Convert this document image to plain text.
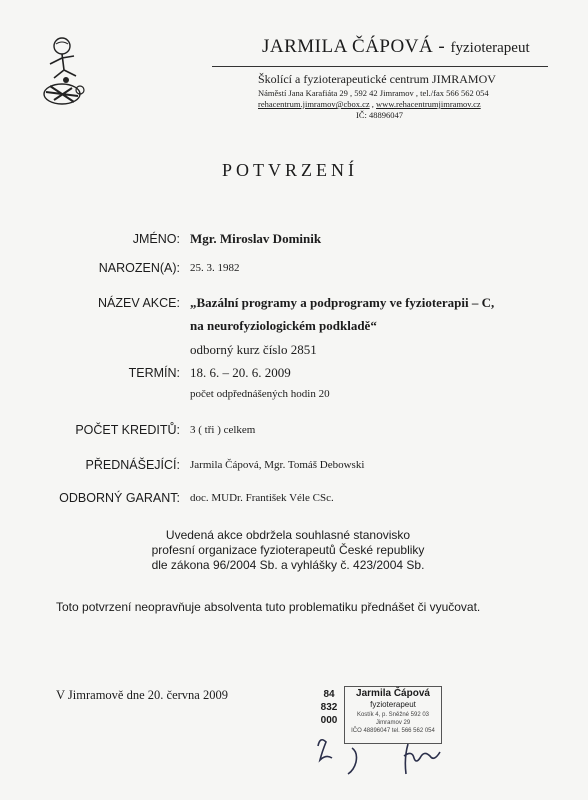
JARMILA ČÁPOVÁ - fyzioterapeut
Školící a fyzioterapeutické centrum JIMRAMOV
Náměstí Jana Karafiáta 29 , 592 42 Jimramov , tel./fax 566 562 054
rehacentrum.jimramov@cbox.cz , www.rehacentrumjimramov.cz
IČ: 48896047
POTVRZENÍ
JMÉNO: Mgr. Miroslav Dominik
NAROZEN(A): 25. 3. 1982
NÁZEV AKCE: „Bazální programy a podprogramy ve fyzioterapii – C,
na neurofyziologickém podkladě“
odborný kurz číslo 2851
TERMÍN: 18. 6. – 20. 6. 2009
počet odpřednášených hodin 20
POČET KREDITŮ: 3 ( tři ) celkem
PŘEDNÁŠEJÍCÍ: Jarmila Čápová, Mgr. Tomáš Debowski
ODBORNÝ GARANT: doc. MUDr. František Véle CSc.
Uvedená akce obdržela souhlasné stanovisko
profesní organizace fyzioterapeutů České republiky
dle zákona 96/2004 Sb. a vyhlášky č. 423/2004 Sb.
Toto potvrzení neopravňuje absolventa tuto problematiku přednášet či vyučovat.
V Jimramově dne 20. června 2009	84
832
000
Jarmila Čápová
fyzioterapeut
Kostík 4, p. Sněžné 592 03
Jimramov 29
IČO 48896047 tel. 566 562 054
